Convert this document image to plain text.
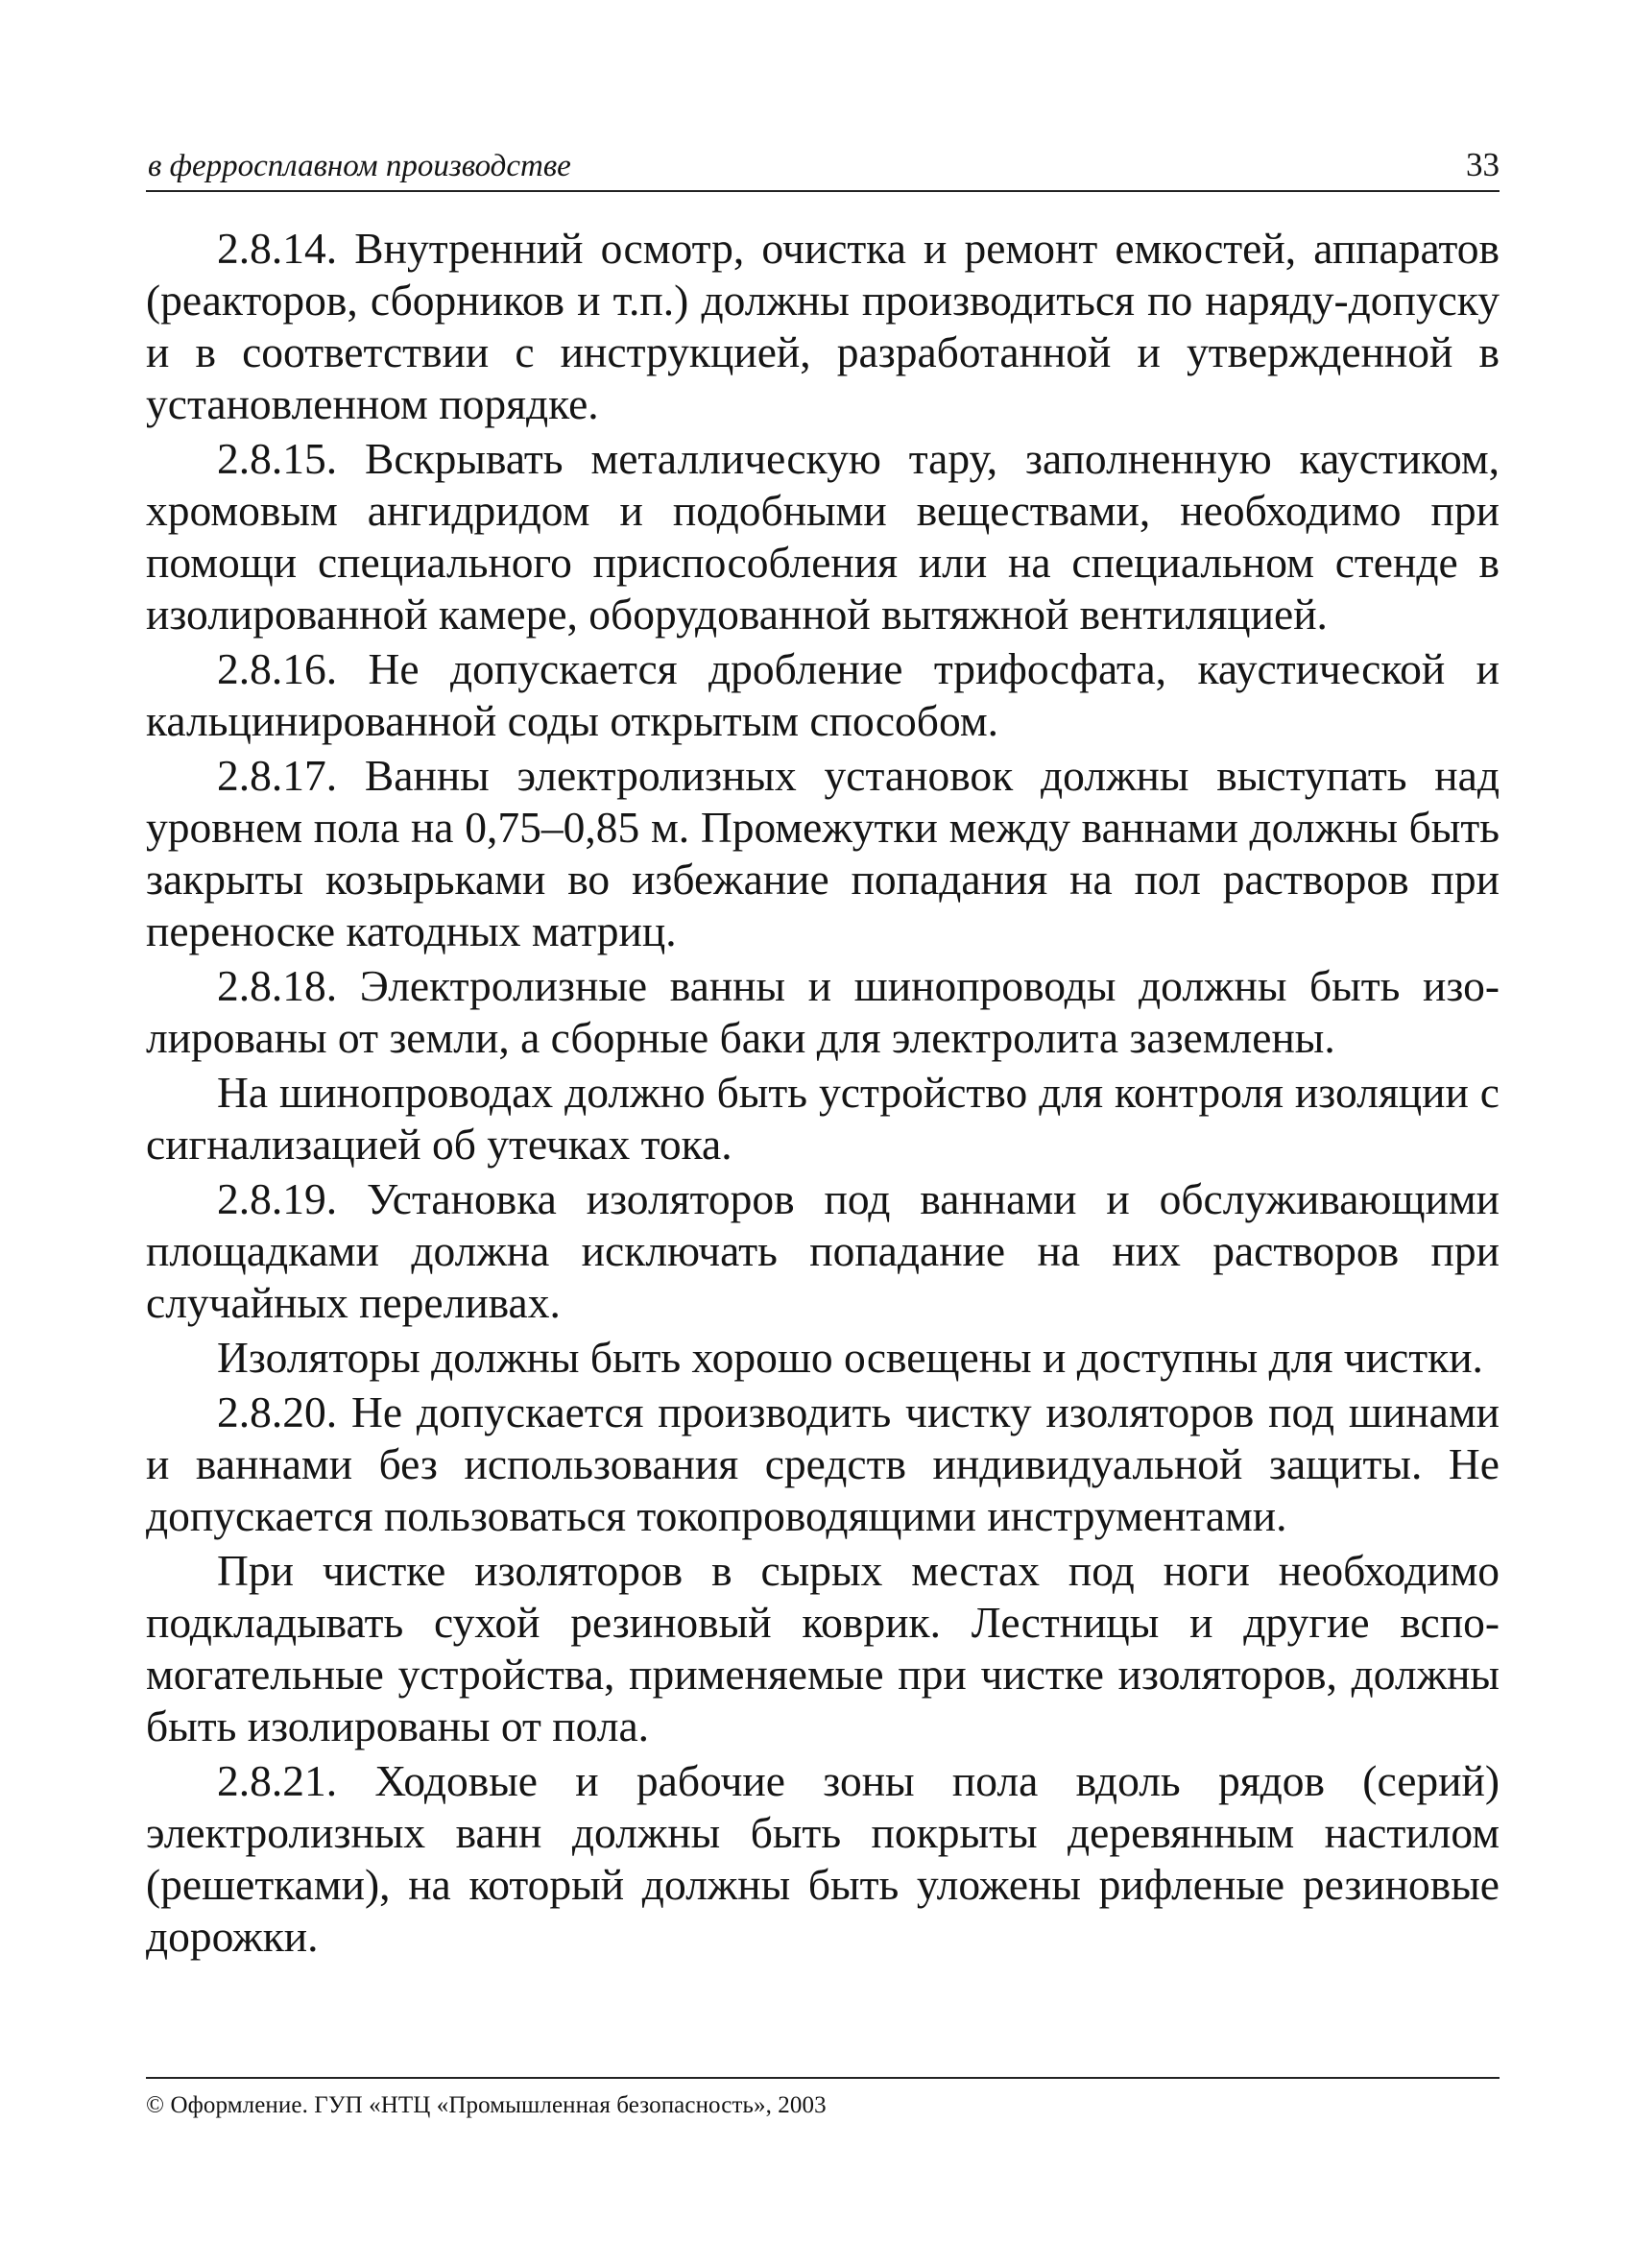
в ферросплавном производстве	33

2.8.14. Внутренний осмотр, очистка и ремонт емкостей, аппаратов (реакторов, сборников и т.п.) должны производиться по наряду-допуску и в соответствии с инструкцией, разработанной и утвержденной в установленном порядке.

2.8.15. Вскрывать металлическую тару, заполненную каустиком, хромовым ангидридом и подобными веществами, необходимо при помощи специального приспособления или на специальном стенде в изолированной камере, оборудованной вытяжной вентиляцией.

2.8.16. Не допускается дробление трифосфата, каустической и кальцинированной соды открытым способом.

2.8.17. Ванны электролизных установок должны выступать над уровнем пола на 0,75–0,85 м. Промежутки между ваннами должны быть закрыты козырьками во избежание попадания на пол растворов при переноске катодных матриц.

2.8.18. Электролизные ванны и шинопроводы должны быть изолированы от земли, а сборные баки для электролита заземлены.

На шинопроводах должно быть устройство для контроля изоляции с сигнализацией об утечках тока.

2.8.19. Установка изоляторов под ваннами и обслуживающими площадками должна исключать попадание на них растворов при случайных переливах.

Изоляторы должны быть хорошо освещены и доступны для чистки.

2.8.20. Не допускается производить чистку изоляторов под шинами и ваннами без использования средств индивидуальной защиты. Не допускается пользоваться токопроводящими инструментами.

При чистке изоляторов в сырых местах под ноги необходимо подкладывать сухой резиновый коврик. Лестницы и другие вспомогательные устройства, применяемые при чистке изоляторов, должны быть изолированы от пола.

2.8.21. Ходовые и рабочие зоны пола вдоль рядов (серий) электролизных ванн должны быть покрыты деревянным настилом (решетками), на который должны быть уложены рифленые резиновые дорожки.

© Оформление. ГУП «НТЦ «Промышленная безопасность», 2003
